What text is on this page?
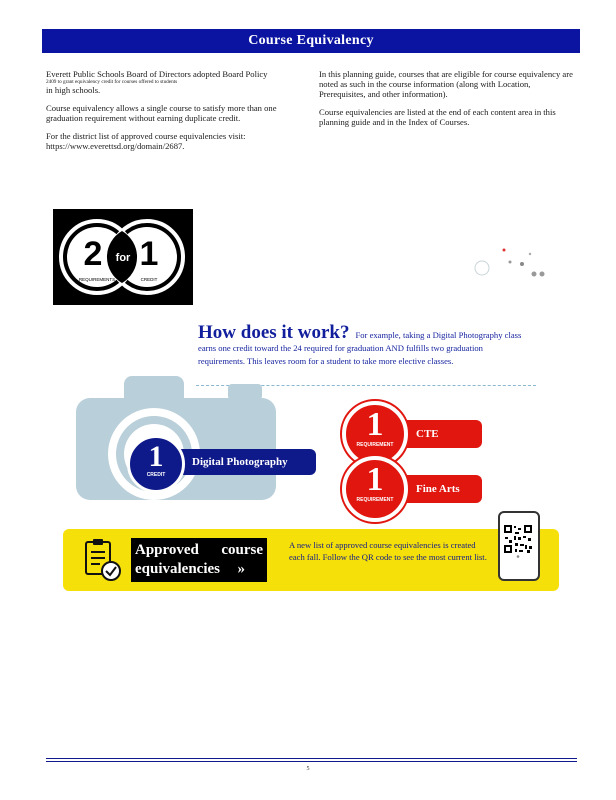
Course Equivalency

Everett Public Schools Board of Directors adopted Board Policy
2409 to grant equivalency credit for courses offered to students
in high schools.

Course equivalency allows a single course to satisfy more than one graduation requirement without earning duplicate credit.

For the district list of approved course equivalencies visit: https://www.everettsd.org/domain/2687.

In this planning guide, courses that are eligible for course equivalency are noted as such in the course information (along with Location, Prerequisites, and other information).

Course equivalencies are listed at the end of each content area in this planning guide and in the Index of Courses.

2 for 1
REQUIREMENTS	CREDIT
How does it work? For example, taking a Digital Photography class earns one credit toward the 24 required for graduation AND fulfills two graduation requirements. This leaves room for a student to take more elective classes.
Digital Photography
1
CREDIT
CTE
1
REQUIREMENT
Fine Arts
1
REQUIREMENT
Approved course
equivalencies »
A new list of approved course equivalencies is created each fall. Follow the QR code to see the most current list.
5
